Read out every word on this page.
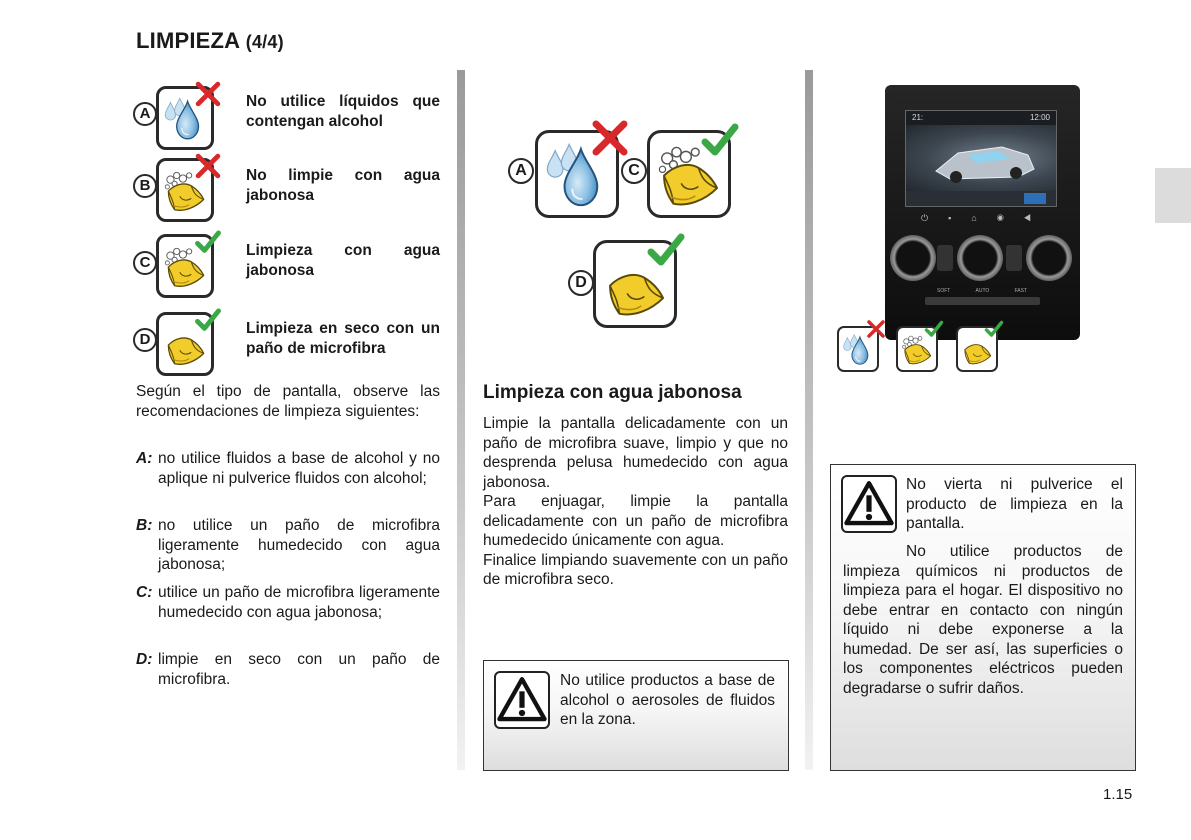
LIMPIEZA (4/4)
A
No utilice líquidos que contengan alcohol
B
No limpie con agua jabonosa
C
Limpieza con agua jabonosa
D
Limpieza en seco con un paño de microfibra
Según el tipo de pantalla, observe las recomendaciones de limpieza siguientes:
A: no utilice fluidos a base de alcohol y no aplique ni pulverice fluidos con alcohol;
B: no utilice un paño de microfibra ligeramente humedecido con agua jabonosa;
C: utilice un paño de microfibra ligeramente humedecido con agua jabonosa;
D: limpie en seco con un paño de microfibra.
A	C
D
Limpieza con agua jabonosa
Limpie la pantalla delicadamente con un paño de microfibra suave, limpio y que no desprenda pelusa humedecido con agua jabonosa.
Para enjuagar, limpie la pantalla delicadamente con un paño de microfibra humedecido únicamente con agua.
Finalice limpiando suavemente con un paño de microfibra seco.
No utilice productos a base de alcohol o aerosoles de fluidos en la zona.
21:	12:00
⏻▪⌂◉◀
SOFT	AUTO	FAST
No vierta ni pulverice el producto de limpieza en la pantalla.
No utilice productos de limpieza químicos ni productos de limpieza para el hogar. El dispositivo no debe entrar en contacto con ningún líquido ni debe exponerse a la humedad. De ser así, las superficies o los componentes eléctricos pueden degradarse o sufrir daños.
1.15
